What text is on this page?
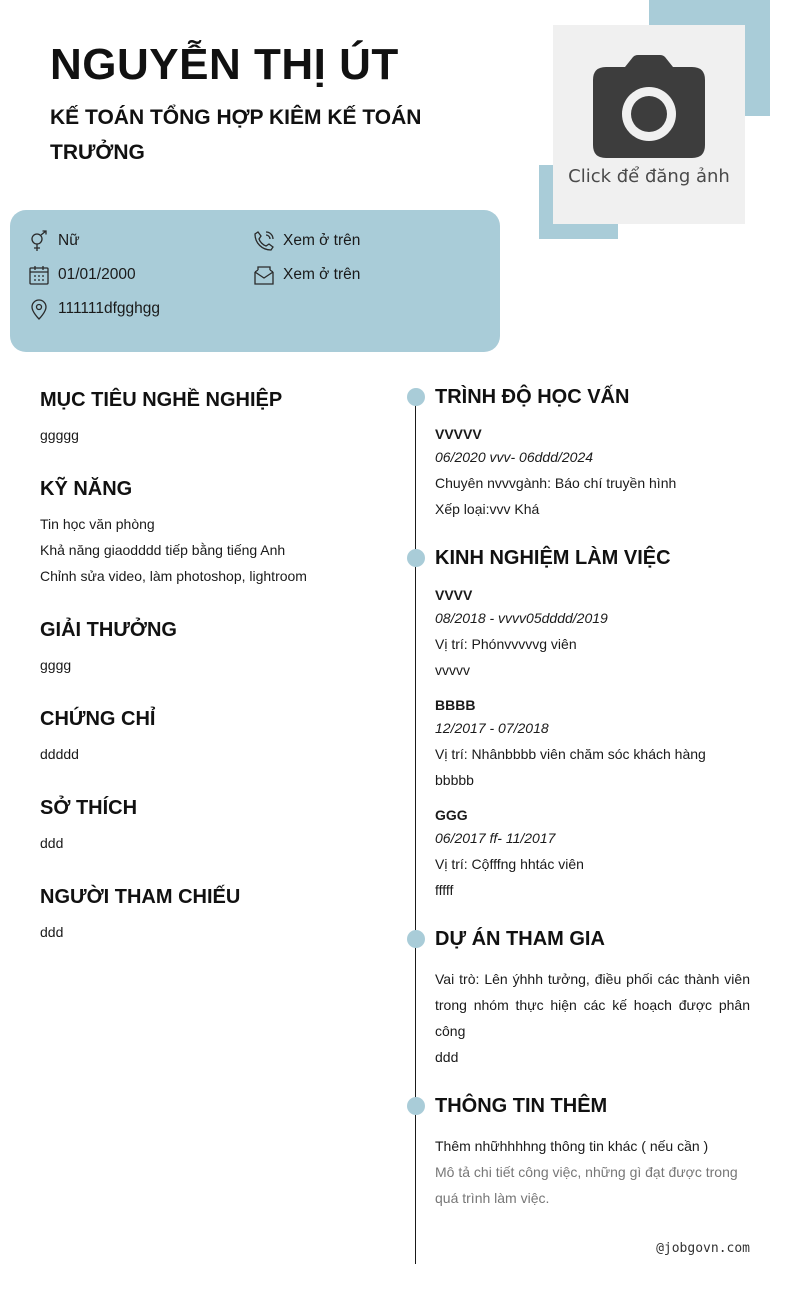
Click để đăng ảnh
NGUYỄN THỊ ÚT
KẾ TOÁN TỔNG HỢP KIÊM KẾ TOÁN TRƯỞNG
Nữ
01/01/2000
111111dfgghgg
Xem ở trên
Xem ở trên
MỤC TIÊU NGHỀ NGHIỆP
ggggg
KỸ NĂNG
Tin học văn phòng
Khả năng giaodddd tiếp bằng tiếng Anh
Chỉnh sửa video, làm photoshop, lightroom
GIẢI THƯỞNG
gggg
CHỨNG CHỈ
ddddd
SỞ THÍCH
ddd
NGƯỜI THAM CHIẾU
ddd
TRÌNH ĐỘ HỌC VẤN
VVVVV
06/2020 vvv- 06ddd/2024
Chuyên nvvvgành: Báo chí truyền hình
Xếp loại:vvv Khá
KINH NGHIỆM LÀM VIỆC
VVVV
08/2018 - vvvv05dddd/2019
Vị trí: Phónvvvvvg viên
vvvvv
BBBB
12/2017 - 07/2018
Vị trí: Nhânbbbb viên chăm sóc khách hàng
bbbbb
GGG
06/2017 ff- 11/2017
Vị trí: Cộfffng hhtác viên
fffff
DỰ ÁN THAM GIA
Vai trò: Lên ýhhh tưởng, điều phối các thành viên trong nhóm thực hiện các kế hoạch được phân công
ddd
THÔNG TIN THÊM
Thêm nhữhhhhng thông tin khác ( nếu cần )
Mô tả chi tiết công việc, những gì đạt được trong quá trình làm việc.
@jobgovn.com
